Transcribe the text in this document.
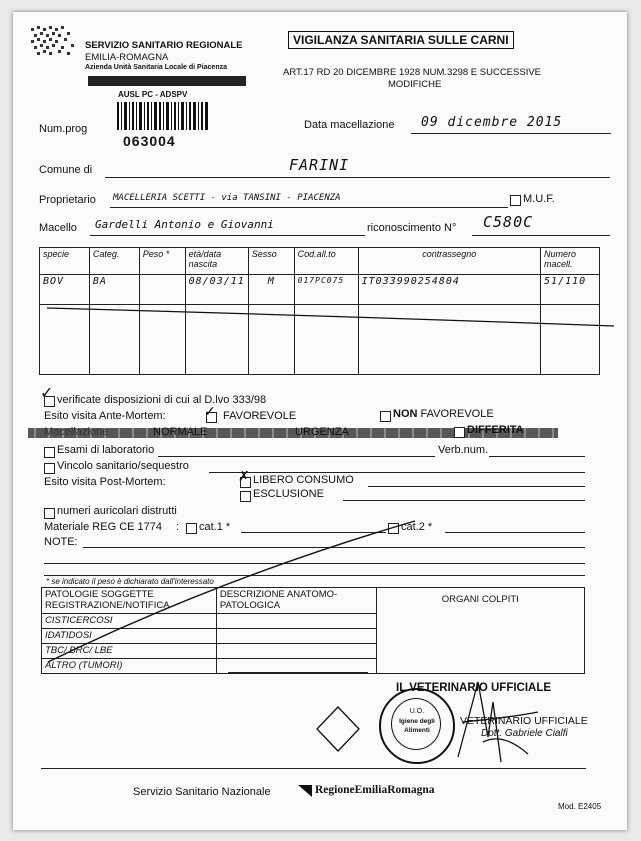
SERVIZIO SANITARIO REGIONALE
EMILIA-ROMAGNA
Azienda Unità Sanitaria Locale di Piacenza
AUSL PC - ADSPV
063004
VIGILANZA SANITARIA SULLE CARNI
ART.17 RD 20 DICEMBRE 1928 NUM.3298 E SUCCESSIVE
MODIFICHE
Num.prog	Data macellazione 09 dicembre 2015
Comune di	FARINI
Proprietario MACELLERIA SCETTI - via TANSINI - PIACENZA	M.U.F.
Macello Gardelli Antonio e Giovanni	riconoscimento N° C580C
specie	Categ.	Peso *	età/data nascita	Sesso	Cod.all.to	contrassegno	Numero macell.
BOV	BA		08/03/11	M	017PC075	IT033990254804	51/110

✓ verificate disposizioni di cui al D.lvo 333/98
Esito visita Ante-Mortem:	✓ FAVOREVOLE	NON FAVOREVOLE
Macellazione	NORMALE	URGENZA	DIFFERITA
Esami di laboratorio	Verb.num.
Vincolo sanitario/sequestro
Esito visita Post-Mortem:	✗ LIBERO CONSUMO
ESCLUSIONE
numeri auricolari distrutti
Materiale REG CE 1774 : cat.1 *	cat.2 *
NOTE:
* se indicato il peso è dichiarato dall'interessato
PATOLOGIE SOGGETTE REGISTRAZIONE/NOTIFICA	DESCRIZIONE ANATOMO-PATOLOGICA	ORGANI COLPITI
CISTICERCOSI		
IDATIDOSI		
TBC/ BRC/ LBE		
ALTRO (TUMORI)		
IL VETERINARIO UFFICIALE
U.O.
Igiene degli
Alimenti
VETERINARIO UFFICIALE
Dott. Gabriele Cialfi
Servizio Sanitario Nazionale	RegioneEmiliaRomagna
Mod. E2405
